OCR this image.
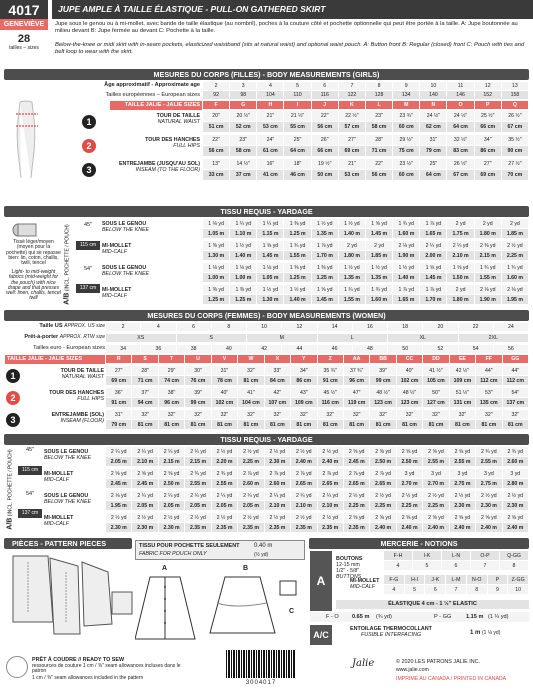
4017
GENEVIÈVE
28
tailles – sizes
JUPE AMPLE À TAILLE ÉLASTIQUE - PULL-ON GATHERED SKIRT
Jupe sous le genou ou à mi-mollet, avec bande de taille élastique (au nombril), poches à la couture côté et pochette optionnelle qui peut être portée à la taille. A: Jupe boutonnée au milieu devant B: Jupe fermée au devant C: Pochette à la taille.
Below-the-knee or midi skirt with in-seam pockets, elasticized waistband (sits at natural waist) and optional waist pouch. A: Button front B: Regular (closed) front C: Pouch with ties and belt loop to wear with the skirt.
MESURES DU CORPS (FILLES) - BODY MEASUREMENTS (GIRLS)
Âge approximatif - Approximate age
Tailles européennes – European sizes
TAILLE JALIE - JALIE SIZES
2	3	4	5	6	7	8	9	10	11	12	13
92	98	104	110	116	122	128	134	140	146	152	158
F	G	H	I	J	K	L	M	N	O	P	Q
1
TOUR DE TAILLE
NATURAL WAIST
20"	20 ½"	21"	21 ½"	22"	22 ½"	23"	23 ¾"	24 ½"	24 ½"	25 ½"	26 ½"
51 cm	52 cm	53 cm	55 cm	56 cm	57 cm	58 cm	60 cm	62 cm	64 cm	66 cm	67 cm
2
TOUR DES HANCHES
FULL HIPS
22"	23"	24"	25"	26"	27"	28"	29 ½"	31"	32 ½"	34"	35 ½"
56 cm	58 cm	61 cm	64 cm	66 cm	69 cm	71 cm	75 cm	79 cm	83 cm	86 cm	90 cm
3
ENTREJAMBE (JUSQU'AU SOL)
INSEAM (TO THE FLOOR)
13"	14 ½"	16"	18"	19 ½"	21"	22"	23 ½"	25"	26 ½"	27"	27 ½"
33 cm	37 cm	41 cm	46 cm	50 cm	53 cm	56 cm	60 cm	64 cm	67 cm	69 cm	70 cm
TISSU REQUIS - YARDAGE
Tissé léger/moyen (moyen pour la pochette) qui se repasse bien: lin, coton, challis, twill, tencel
Light- to mid-weight fabrics (mid-weight for the pouch) with nice drape and that presses well: linen, challis, tencel twill	A/B (INCL. POCHETTE / POUCH)	45"
115 cm
54"
137 cm
SOUS LE GENOU
BELOW THE KNEE
1 ⅛ yd	1 ¼ yd	1 ¼ yd	1 ⅜ yd	1 ½ yd	1 ½ yd	1 ⅝ yd	1 ¾ yd	1 ⅞ yd	2 yd	2 yd	2 yd
1.05 m	1.10 m	1.15 m	1.25 m	1.35 m	1.40 m	1.45 m	1.60 m	1.65 m	1.75 m	1.80 m	1.85 m
MI-MOLLET
MID-CALF
1 ⅜ yd	1 ½ yd	1 ⅝ yd	1 ¾ yd	1 ⅞ yd	2 yd	2 yd	2 ⅛ yd	2 ¼ yd	2 ¼ yd	2 ⅜ yd	2 ½ yd
1.30 m	1.40 m	1.45 m	1.55 m	1.70 m	1.80 m	1.85 m	1.90 m	2.00 m	2.10 m	2.15 m	2.25 m
SOUS LE GENOU
BELOW THE KNEE
1 ⅛ yd	1 ⅛ yd	1 ⅛ yd	1 ⅜ yd	1 ⅜ yd	1 ½ yd	1 ½ yd	1 ½ yd	1 ⅝ yd	1 ⅝ yd	1 ¾ yd	1 ¾ yd
1.00 m	1.00 m	1.05 m	1.25 m	1.25 m	1.35 m	1.35 m	1.40 m	1.45 m	1.50 m	1.55 m	1.60 m
MI-MOLLET
MID-CALF
1 ⅜ yd	1 ⅜ yd	1 ½ yd	1 ½ yd	1 ⅝ yd	1 ¾ yd	1 ¾ yd	1 ⅞ yd	1 ⅞ yd	2 yd	2 ⅛ yd	2 ⅛ yd
1.25 m	1.25 m	1.30 m	1.40 m	1.45 m	1.55 m	1.60 m	1.65 m	1.70 m	1.80 m	1.90 m	1.95 m
MESURES DU CORPS (FEMMES) - BODY MEASUREMENTS (WOMEN)
Taille US APPROX. US size
Prêt-à-porter APPROX. RTW size
Tailles euro - European sizes
TAILLE JALIE - JALIE SIZES
2	4	6	8	10	12	14	16	18	20	22	24
XS	S	M	L	XL	2XL
34	36	38	40	42	44	46	48	50	52	54	56
R	S	T	U	V	W	X	Y	Z	AA	BB	CC	DD	EE	FF	GG
1	TOUR DE TAILLE
NATURAL WAIST
27"	28"	29"	30"	31"	32"	33"	34"	35 ¾"	37 ¾"	39"	40"	41 ½"	42 ½"	44"	44"
69 cm	71 cm	74 cm	76 cm	78 cm	81 cm	84 cm	86 cm	91 cm	96 cm	99 cm	102 cm	105 cm	109 cm	112 cm	112 cm
2	TOUR DES HANCHES
FULL HIPS
36"	37"	38"	39"	40"	41"	42"	43"	45 ½"	47"	48 ½"	48 ½"	50"	51 ½"	53"	54"
91 cm	94 cm	96 cm	99 cm	102 cm	104 cm	107 cm	109 cm	116 cm	119 cm	123 cm	123 cm	127 cm	131 cm	135 cm	137 cm
3	ENTREJAMBE (SOL)
INSEAM (FLOOR)
31"	32"	32"	32"	32"	32"	32"	32"	32"	32"	32"	32"	32"	32"	32"	32"
79 cm	81 cm	81 cm	81 cm	81 cm	81 cm	81 cm	81 cm	81 cm	81 cm	81 cm	81 cm	81 cm	81 cm	81 cm	81 cm
TISSU REQUIS - YARDAGE
A/B (INCL. POCHETTE / POUCH)	45"
115 cm
54"
137 cm
SOUS LE GENOU
BELOW THE KNEE
2 ¼ yd	2 ¼ yd	2 ¼ yd	2 ¼ yd	2 ½ yd	2 ½ yd	2 ½ yd	2 ½ yd	2 ½ yd	2 ⅝ yd	2 ⅝ yd	2 ⅝ yd	2 ⅝ yd	2 ⅝ yd	2 ¾ yd	2 ¾ yd
2.05 m	2.10 m	2.15 m	2.15 m	2.20 m	2.25 m	2.30 m	2.40 m	2.40 m	2.45 m	2.50 m	2.50 m	2.55 m	2.55 m	2.55 m	2.60 m
MI-MOLLET
MID-CALF
2 ⅝ yd	2 ⅝ yd	2 ⅝ yd	2 ¾ yd	2 ¾ yd	2 ⅞ yd	2 ⅞ yd	2 ⅞ yd	2 ⅞ yd	2 ⅞ yd	2 ⅞ yd	3 yd	3 yd	3 yd	3 yd	3 yd
2.45 m	2.45 m	2.50 m	2.55 m	2.55 m	2.60 m	2.60 m	2.65 m	2.65 m	2.65 m	2.65 m	2.70 m	2.70 m	2.75 m	2.75 m	2.80 m
SOUS LE GENOU
BELOW THE KNEE
2 ⅛ yd	2 ¼ yd	2 ¼ yd	2 ¼ yd	2 ¼ yd	2 ¼ yd	2 ¼ yd	2 ¼ yd	2 ¼ yd	2 ½ yd	2 ½ yd	2 ½ yd	2 ½ yd	2 ½ yd	2 ½ yd	2 ½ yd
1.95 m	2.05 m	2.05 m	2.05 m	2.05 m	2.05 m	2.10 m	2.10 m	2.10 m	2.25 m	2.25 m	2.25 m	2.25 m	2.30 m	2.30 m	2.30 m
MI-MOLLET
MID-CALF
2 ½ yd	2 ½ yd	2 ½ yd	2 ½ yd	2 ½ yd	2 ½ yd	2 ½ yd	2 ½ yd	2 ½ yd	2 ⅝ yd	2 ⅝ yd	2 ⅝ yd	2 ⅝ yd	2 ⅝ yd	2 ⅝ yd	2 ⅝ yd
2.30 m	2.30 m	2.30 m	2.35 m	2.35 m	2.35 m	2.35 m	2.35 m	2.35 m	2.35 m	2.40 m	2.40 m	2.40 m	2.40 m	2.40 m	2.40 m
PIÈCES - PATTERN PIECES	TISSU POUR POCHETTE SEULEMENT
FABRIC FOR POUCH ONLY
0.40 m
(½ yd)
A	B
C
MERCERIE - NOTIONS
A
BOUTONS
12-15 mm
1/2" - 5/8"
BUTTONS
F-H	I-K	L-N	O-P	Q-GG
4	5	6	7	8
MI-MOLLET
MID-CALF
F-G	H-I	J-K	L-M	N-O	P	Z-GG
4	5	6	7	8	9	10
ÉLASTIQUE 4 cm - 1 ½" ELASTIC
F - O 0.65 m (¾ yd)	P - GG	1.15 m (1 ¼ yd)
A/C
ENTOILAGE THERMOCOLLANT
FUSIBLE INTERFACING	1 m (1 ⅛ yd)
PRÊT À COUDRE // READY TO SEW
ressources de couture 1 cm / ⅜" seam allowances incluses dans le patron
1 cm / ⅜" seam allowances included in the pattern
3004017
Jalie	© 2020 LES PATRONS JALIE INC.
www.jalie.com
IMPRIMÉ AU CANADA / PRINTED IN CANADA
